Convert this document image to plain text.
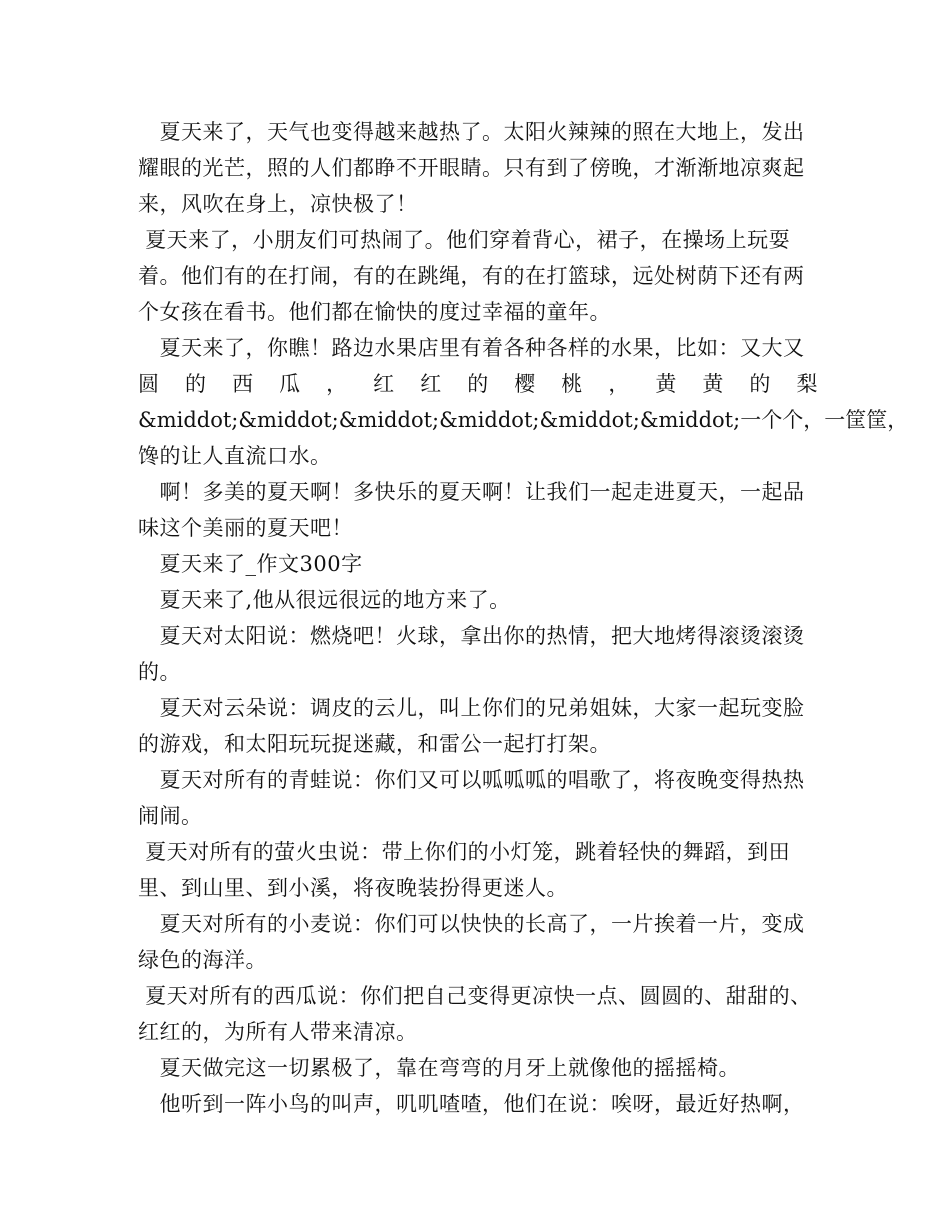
　夏天来了，天气也变得越来越热了。太阳火辣辣的照在大地上，发出
耀眼的光芒，照的人们都睁不开眼睛。只有到了傍晚，才渐渐地凉爽起
来，风吹在身上，凉快极了！
夏天来了，小朋友们可热闹了。他们穿着背心，裙子，在操场上玩耍
着。他们有的在打闹，有的在跳绳，有的在打篮球，远处树荫下还有两
个女孩在看书。他们都在愉快的度过幸福的童年。
　夏天来了，你瞧！路边水果店里有着各种各样的水果，比如：又大又
圆 的 西 瓜 ， 红 红 的 樱 桃 ， 黄 黄 的 梨
&middot;&middot;&middot;&middot;&middot;&middot;一个个，一筐筐，
馋的让人直流口水。
　啊！多美的夏天啊！多快乐的夏天啊！让我们一起走进夏天，一起品
味这个美丽的夏天吧！
　夏天来了_作文300字
　夏天来了,他从很远很远的地方来了。
　夏天对太阳说：燃烧吧！火球，拿出你的热情，把大地烤得滚烫滚烫
的。
　夏天对云朵说：调皮的云儿，叫上你们的兄弟姐妹，大家一起玩变脸
的游戏，和太阳玩玩捉迷藏，和雷公一起打打架。
　夏天对所有的青蛙说：你们又可以呱呱呱的唱歌了，将夜晚变得热热
闹闹。
夏天对所有的萤火虫说：带上你们的小灯笼，跳着轻快的舞蹈，到田
里、到山里、到小溪，将夜晚装扮得更迷人。
　夏天对所有的小麦说：你们可以快快的长高了，一片挨着一片，变成
绿色的海洋。
夏天对所有的西瓜说：你们把自己变得更凉快一点、圆圆的、甜甜的、
红红的，为所有人带来清凉。
　夏天做完这一切累极了，靠在弯弯的月牙上就像他的摇摇椅。
　他听到一阵小鸟的叫声，叽叽喳喳，他们在说：唉呀，最近好热啊，
